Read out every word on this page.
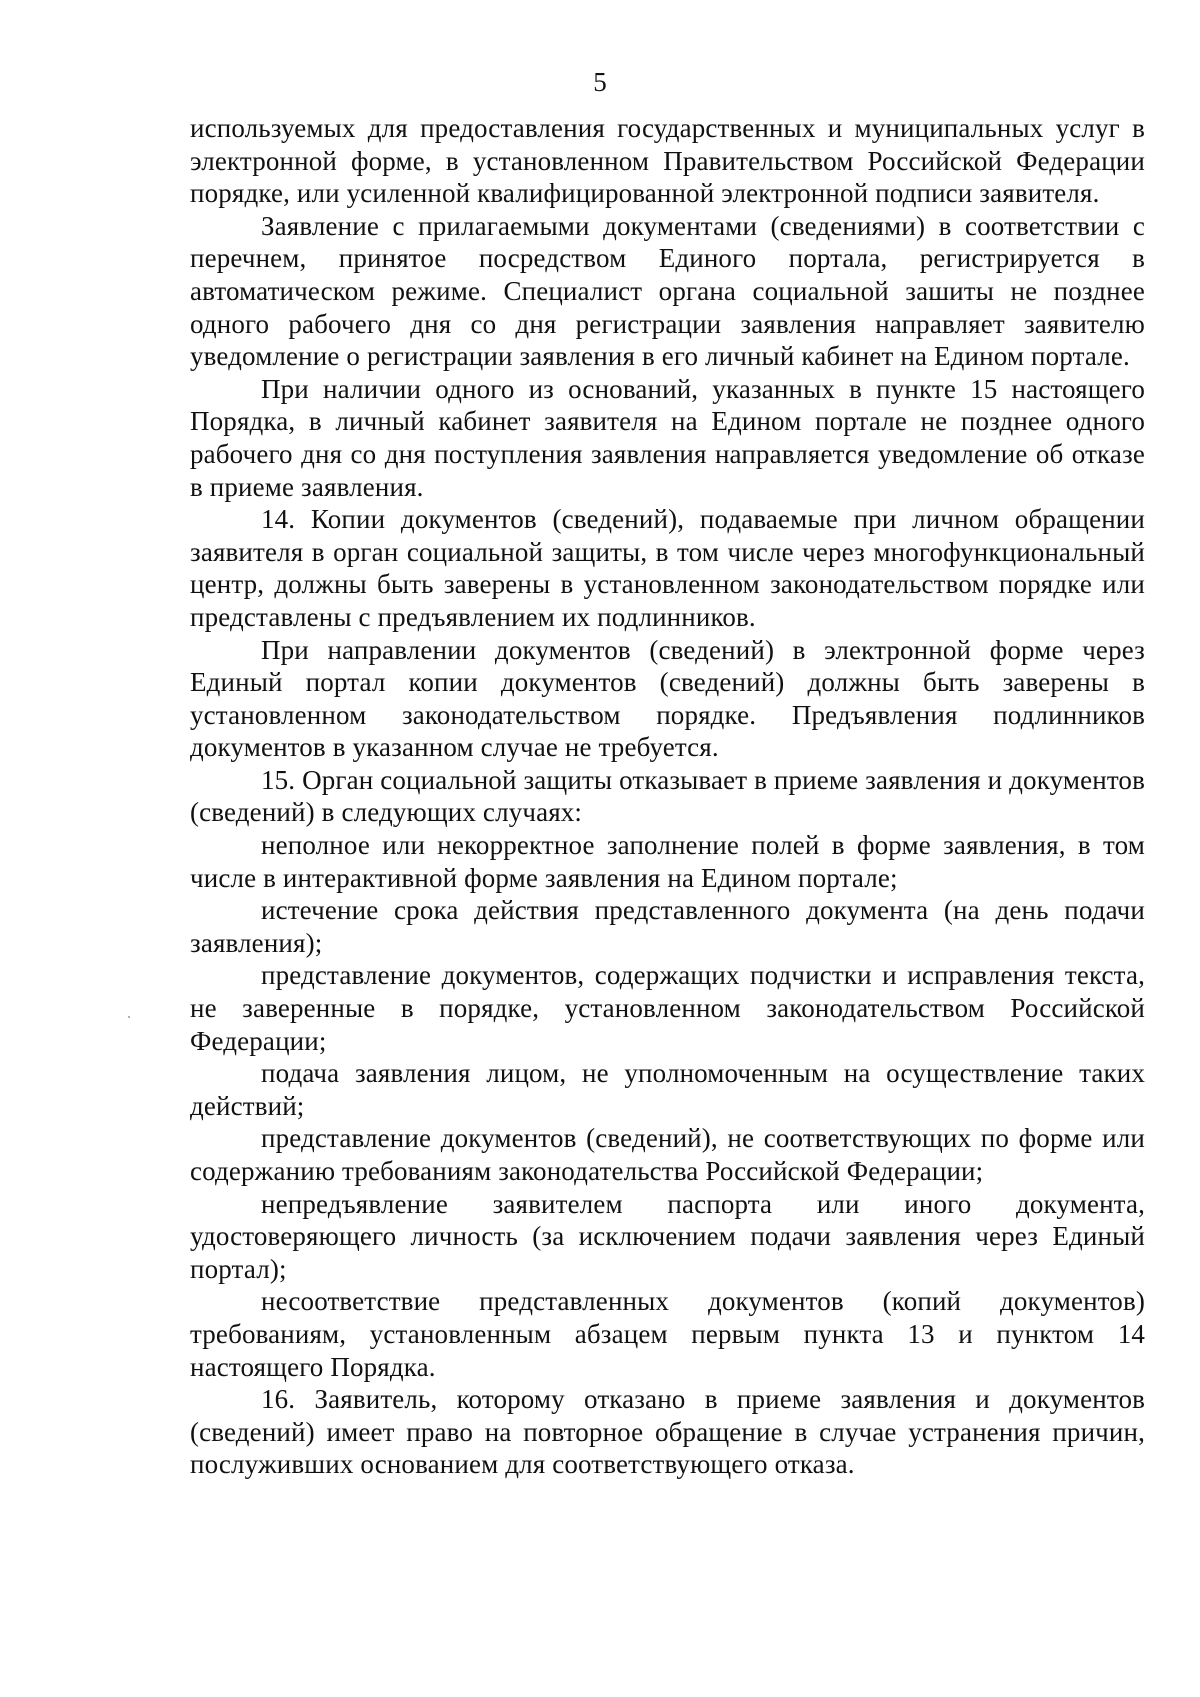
5

используемых для предоставления государственных и муниципальных услуг в электронной форме, в установленном Правительством Российской Федерации порядке, или усиленной квалифицированной электронной подписи заявителя.

Заявление с прилагаемыми документами (сведениями) в соответствии с перечнем, принятое посредством Единого портала, регистрируется в автоматическом режиме. Специалист органа социальной зашиты не позднее одного рабочего дня со дня регистрации заявления направляет заявителю уведомление о регистрации заявления в его личный кабинет на Едином портале.

При наличии одного из оснований, указанных в пункте 15 настоящего Порядка, в личный кабинет заявителя на Едином портале не позднее одного рабочего дня со дня поступления заявления направляется уведомление об отказе в приеме заявления.

14. Копии документов (сведений), подаваемые при личном обращении заявителя в орган социальной защиты, в том числе через многофункциональный центр, должны быть заверены в установленном законодательством порядке или представлены с предъявлением их подлинников.

При направлении документов (сведений) в электронной форме через Единый портал копии документов (сведений) должны быть заверены в установленном законодательством порядке. Предъявления подлинников документов в указанном случае не требуется.

15. Орган социальной защиты отказывает в приеме заявления и документов (сведений) в следующих случаях:

неполное или некорректное заполнение полей в форме заявления, в том числе в интерактивной форме заявления на Едином портале;

истечение срока действия представленного документа (на день подачи заявления);

представление документов, содержащих подчистки и исправления текста, не заверенные в порядке, установленном законодательством Российской Федерации;

подача заявления лицом, не уполномоченным на осуществление таких действий;

представление документов (сведений), не соответствующих по форме или содержанию требованиям законодательства Российской Федерации;

непредъявление заявителем паспорта или иного документа, удостоверяющего личность (за исключением подачи заявления через Единый портал);

несоответствие представленных документов (копий документов) требованиям, установленным абзацем первым пункта 13 и пунктом 14 настоящего Порядка.

16. Заявитель, которому отказано в приеме заявления и документов (сведений) имеет право на повторное обращение в случае устранения причин, послуживших основанием для соответствующего отказа.
